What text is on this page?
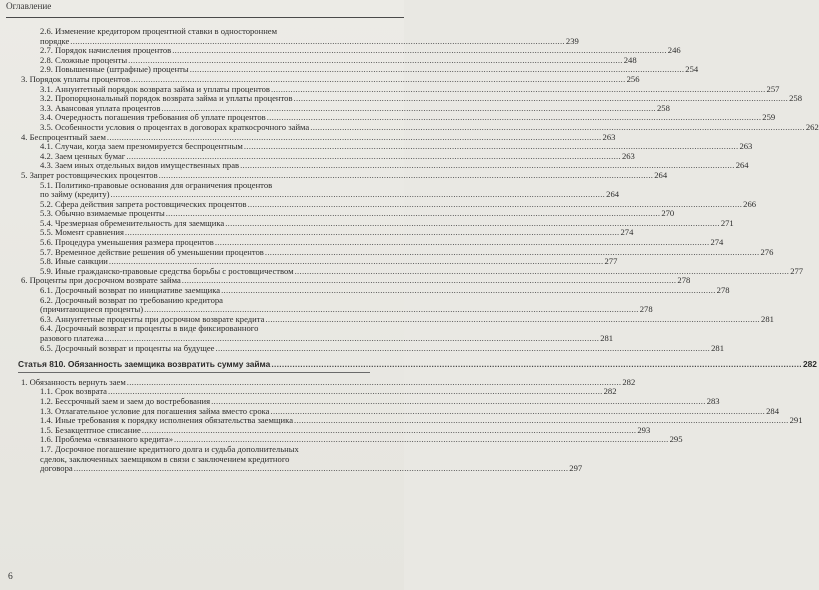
Оглавление
2.6. Изменение кредитором процентной ставки в одностороннем
порядке .....	239
2.7. Порядок начисления процентов .....	246
2.8. Сложные проценты .....	248
2.9. Повышенные (штрафные) проценты .....	254
3. Порядок уплаты процентов .....	256
3.1. Аннуитетный порядок возврата займа и уплаты процентов .....	257
3.2. Пропорциональный порядок возврата займа и уплаты процентов .....	258
3.3. Авансовая уплата процентов .....	258
3.4. Очередность погашения требования об уплате процентов .....	259
3.5. Особенности условия о процентах в договорах краткосрочного займа .....	262
4. Беспроцентный заем .....	263
4.1. Случаи, когда заем презюмируется беспроцентным .....	263
4.2. Заем ценных бумаг .....	263
4.3. Заем иных отдельных видов имущественных прав .....	264
5. Запрет ростовщических процентов .....	264
5.1. Политико-правовые основания для ограничения процентов
по займу (кредиту) .....	264
5.2. Сфера действия запрета ростовщических процентов .....	266
5.3. Обычно взимаемые проценты .....	270
5.4. Чрезмерная обременительность для заемщика .....	271
5.5. Момент сравнения .....	274
5.6. Процедура уменьшения размера процентов .....	274
5.7. Временное действие решения об уменьшении процентов .....	276
5.8. Иные санкции .....	277
5.9. Иные гражданско-правовые средства борьбы с ростовщичеством .....	277
6. Проценты при досрочном возврате займа .....	278
6.1. Досрочный возврат по инициативе заемщика .....	278
6.2. Досрочный возврат по требованию кредитора
(причитающиеся проценты) .....	278
6.3. Аннуитетные проценты при досрочном возврате кредита .....	281
6.4. Досрочный возврат и проценты в виде фиксированного
разового платежа .....	281
6.5. Досрочный возврат и проценты на будущее .....	281
Статья 810. Обязанность заемщика возвратить сумму займа .....	282
1. Обязанность вернуть заем .....	282
1.1. Срок возврата .....	282
1.2. Бессрочный заем и заем до востребования .....	283
1.3. Отлагательное условие для погашения займа вместо срока .....	284
1.4. Иные требования к порядку исполнения обязательства заемщика .....	291
1.5. Безакцептное списание .....	293
1.6. Проблема «связанного кредита» .....	295
1.7. Досрочное погашение кредитного долга и судьба дополнительных
сделок, заключенных заемщиком в связи с заключением кредитного
договора .....	297
6
